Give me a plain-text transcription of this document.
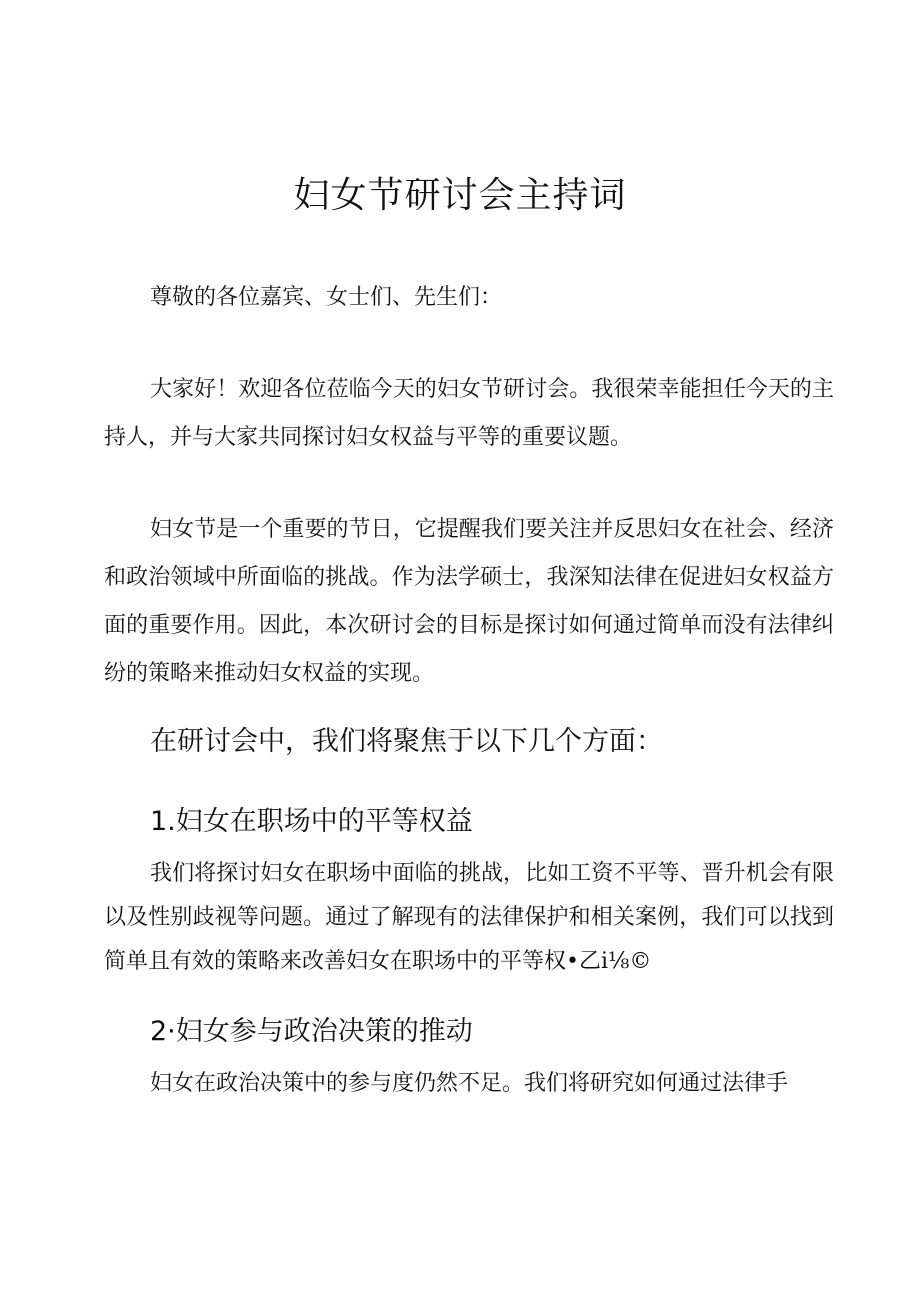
妇女节研讨会主持词

尊敬的各位嘉宾、女士们、先生们：

大家好！欢迎各位莅临今天的妇女节研讨会。我很荣幸能担任今天的主持人，并与大家共同探讨妇女权益与平等的重要议题。

妇女节是一个重要的节日，它提醒我们要关注并反思妇女在社会、经济和政治领域中所面临的挑战。作为法学硕士，我深知法律在促进妇女权益方面的重要作用。因此，本次研讨会的目标是探讨如何通过简单而没有法律纠纷的策略来推动妇女权益的实现。

在研讨会中，我们将聚焦于以下几个方面：

1.妇女在职场中的平等权益

我们将探讨妇女在职场中面临的挑战，比如工资不平等、晋升机会有限以及性别歧视等问题。通过了解现有的法律保护和相关案例，我们可以找到简单且有效的策略来改善妇女在职场中的平等权•乙i⅛©

2·妇女参与政治决策的推动

妇女在政治决策中的参与度仍然不足。我们将研究如何通过法律手
